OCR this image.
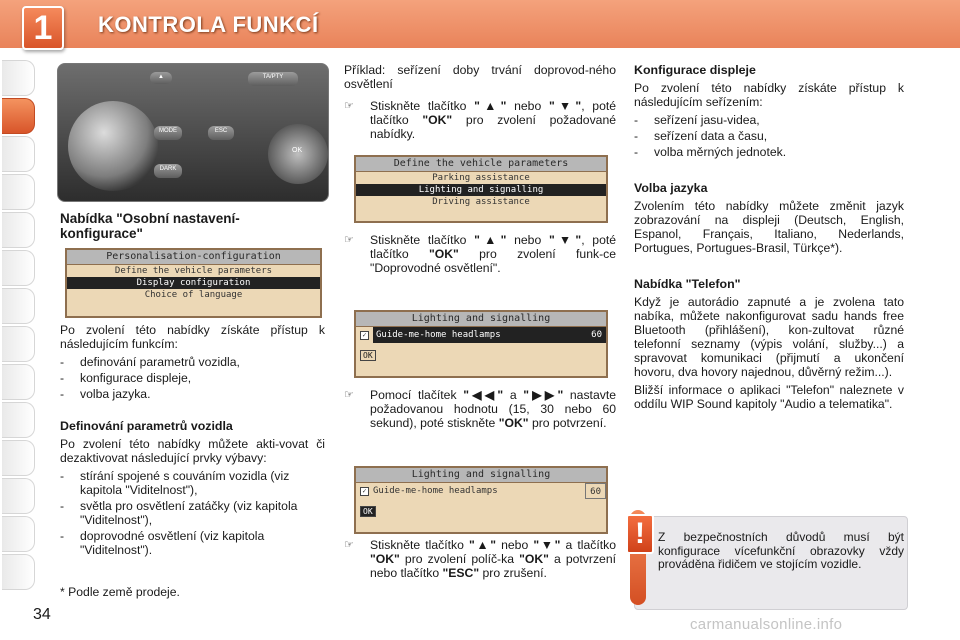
1	KONTROLA FUNKCÍ
▲	TA/PTY
MODE
DARK
ESC
OK
Nabídka "Osobní nastavení-konfigurace"
Personalisation-configuration
Define the vehicle parameters
Display configuration
Choice of language

Po zvolení této nabídky získáte přístup k následujícím funkcím:

- definování parametrů vozidla,
- konfigurace displeje,
- volba jazyka.

Definování parametrů vozidla

Po zvolení této nabídky můžete akti-vovat či dezaktivovat následující prvky výbavy:

- stírání spojené s couváním vozidla (viz kapitola "Viditelnost"),
- světla pro osvětlení zatáčky (viz kapitola "Viditelnost"),
- doprovodné osvětlení (viz kapitola "Viditelnost").
* Podle země prodeje.

Příklad: seřízení doby trvání doprovod-ného osvětlení

☞ Stiskněte tlačítko "▲" nebo "▼", poté tlačítko "OK" pro zvolení požadované nabídky.
Define the vehicle parameters
Parking assistance
Lighting and signalling
Driving assistance
☞ Stiskněte tlačítko "▲" nebo "▼", poté tlačítko "OK" pro zvolení funk-ce "Doprovodné osvětlení".
Lighting and signalling
✓	Guide-me-home headlamps	60
OK
☞ Pomocí tlačítek "◀◀" a "▶▶" nastavte požadovanou hodnotu (15, 30 nebo 60 sekund), poté stiskněte "OK" pro potvrzení.
Lighting and signalling
✓ Guide-me-home headlamps	60
OK
☞ Stiskněte tlačítko "▲" nebo "▼" a tlačítko "OK" pro zvolení políč-ka "OK" a potvrzení nebo tlačítko "ESC" pro zrušení.

Konfigurace displeje

Po zvolení této nabídky získáte přístup k následujícím seřízením:

- seřízení jasu-videa,
- seřízení data a času,
- volba měrných jednotek.

Volba jazyka

Zvolením této nabídky můžete změnit jazyk zobrazování na displeji (Deutsch, English, Espanol, Français, Italiano, Nederlands, Portugues, Portugues-Brasil, Türkçe*).

Nabídka "Telefon"

Když je autorádio zapnuté a je zvolena tato nabíka, můžete nakonfigurovat sadu hands free Bluetooth (přihlášení), kon-zultovat různé telefonní seznamy (výpis volání, služby...) a spravovat komunikaci (přijmutí a ukončení hovoru, dva hovory najednou, důvěrný režim...).

Bližší informace o aplikaci "Telefon" naleznete v oddílu WIP Sound kapitoly "Audio a telematika".

!	Z bezpečnostních důvodů musí být konfigurace vícefunkční obrazovky vždy prováděna řidičem ve stojícím vozidle.
34
carmanualsonline.info
